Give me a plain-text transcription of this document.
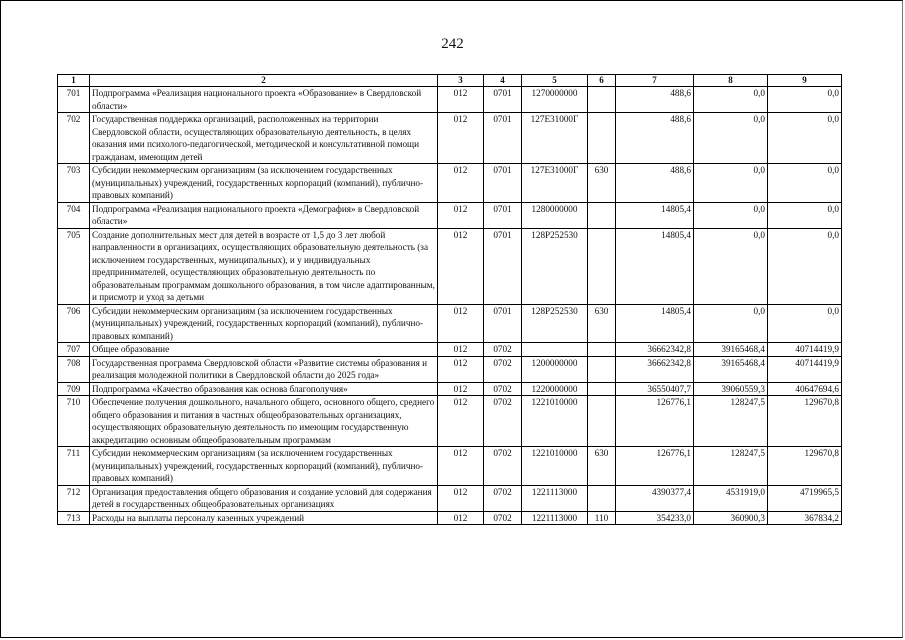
242
1	2	3	4	5	6	7	8	9
701	Подпрограмма «Реализация национального проекта «Образование» в Свердловской области»	012	0701	1270000000		488,6	0,0	0,0
702	Государственная поддержка организаций, расположенных на территории Свердловской области, осуществляющих образовательную деятельность, в целях оказания ими психолого-педагогической, методической и консультативной помощи гражданам, имеющим детей	012	0701	127E31000Г		488,6	0,0	0,0
703	Субсидии некоммерческим организациям (за исключением государственных (муниципальных) учреждений, государственных корпораций (компаний), публично-правовых компаний)	012	0701	127E31000Г	630	488,6	0,0	0,0
704	Подпрограмма «Реализация национального проекта «Демография» в Свердловской области»	012	0701	1280000000		14805,4	0,0	0,0
705	Создание дополнительных мест для детей в возрасте от 1,5 до 3 лет любой направленности в организациях, осуществляющих образовательную деятельность (за исключением государственных, муниципальных), и у индивидуальных предпринимателей, осуществляющих образовательную деятельность по образовательным программам дошкольного образования, в том числе адаптированным, и присмотр и уход за детьми	012	0701	128P252530		14805,4	0,0	0,0
706	Субсидии некоммерческим организациям (за исключением государственных (муниципальных) учреждений, государственных корпораций (компаний), публично-правовых компаний)	012	0701	128P252530	630	14805,4	0,0	0,0
707	Общее образование	012	0702			36662342,8	39165468,4	40714419,9
708	Государственная программа Свердловской области «Развитие системы образования и реализация молодежной политики в Свердловской области до 2025 года»	012	0702	1200000000		36662342,8	39165468,4	40714419,9
709	Подпрограмма «Качество образования как основа благополучия»	012	0702	1220000000		36550407,7	39060559,3	40647694,6
710	Обеспечение получения дошкольного, начального общего, основного общего, среднего общего образования и питания в частных общеобразовательных организациях, осуществляющих образовательную деятельность по имеющим государственную аккредитацию основным общеобразовательным программам	012	0702	1221010000		126776,1	128247,5	129670,8
711	Субсидии некоммерческим организациям (за исключением государственных (муниципальных) учреждений, государственных корпораций (компаний), публично-правовых компаний)	012	0702	1221010000	630	126776,1	128247,5	129670,8
712	Организация предоставления общего образования и создание условий для содержания детей в государственных общеобразовательных организациях	012	0702	1221113000		4390377,4	4531919,0	4719965,5
713	Расходы на выплаты персоналу казенных учреждений	012	0702	1221113000	110	354233,0	360900,3	367834,2
